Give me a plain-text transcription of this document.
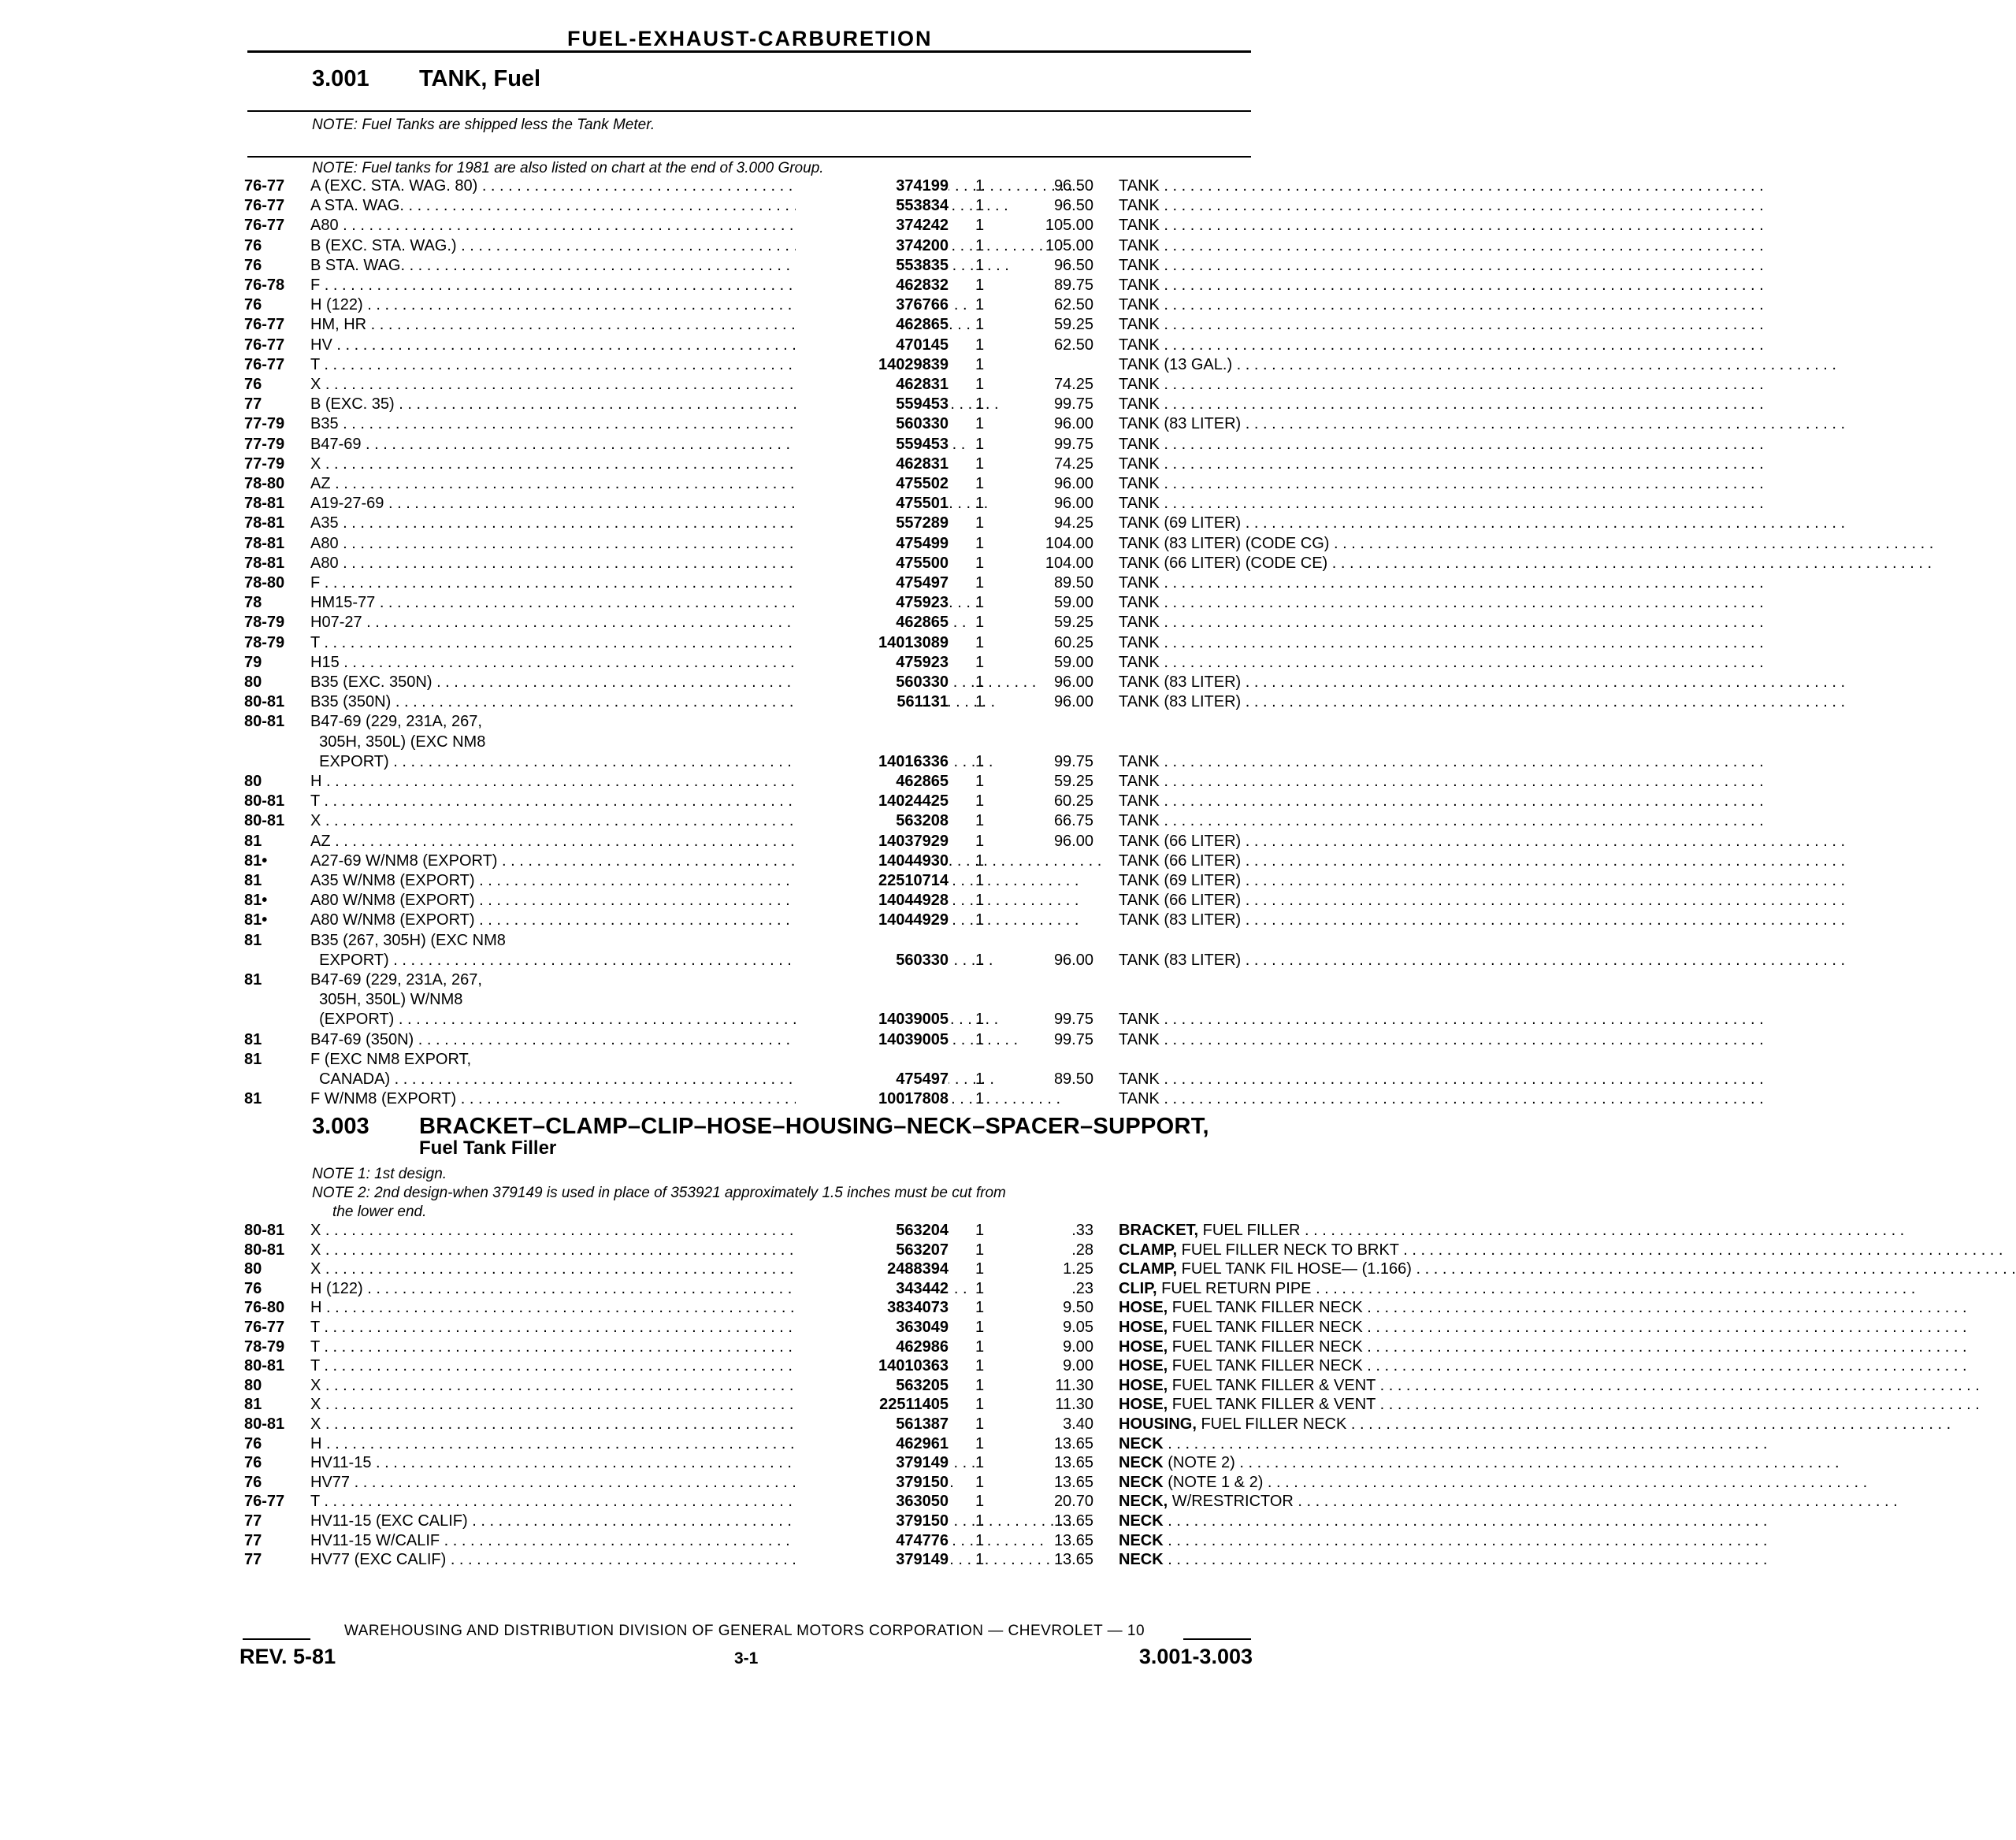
FUEL-EXHAUST-CARBURETION
3.001 TANK, Fuel
NOTE: Fuel Tanks are shipped less the Tank Meter.
NOTE: Fuel tanks for 1981 are also listed on chart at the end of 3.000 Group.
76-77 A (EXC. STA. WAG. 80) . . .	374199 1	96.50 TANK . . .
76-77 A STA. WAG. . . .	553834 1	96.50 TANK . . .
76-77 A80 . . .	374242 1	105.00 TANK . . .
76	B (EXC. STA. WAG.) . . .	374200 1	105.00 TANK . . .
76	B STA. WAG. . . .	553835 1	96.50 TANK . . .
76-78 F . . .	462832 1	89.75 TANK . . .
76	H (122) . . .	376766 1	62.50 TANK . . .
76-77 HM, HR . . .	462865 1	59.25 TANK . . .
76-77 HV . . .	470145 1	62.50 TANK . . .
76-77 T . . .	14029839 1	TANK (13 GAL.) . . .
76	X . . .	462831 1	74.25 TANK . . .
77	B (EXC. 35) . . .	559453 1	99.75 TANK . . .
77-79 B35 . . .	560330 1	96.00 TANK (83 LITER) . . .
77-79 B47-69 . . .	559453 1	99.75 TANK . . .
77-79 X . . .	462831 1	74.25 TANK . . .
78-80 AZ . . .	475502 1	96.00 TANK . . .
78-81 A19-27-69 . . .	475501 1	96.00 TANK . . .
78-81 A35 . . .	557289 1	94.25 TANK (69 LITER) . . .
78-81 A80 . . .	475499 1	104.00 TANK (83 LITER) (CODE CG) . . .
78-81 A80 . . .	475500 1	104.00 TANK (66 LITER) (CODE CE) . . .
78-80 F . . .	475497 1	89.50 TANK . . .
78	HM15-77 . . .	475923 1	59.00 TANK . . .
78-79 H07-27 . . .	462865 1	59.25 TANK . . .
78-79 T . . .	14013089 1	60.25 TANK . . .
79	H15 . . .	475923 1	59.00 TANK . . .
80	B35 (EXC. 350N) . . .	560330 1	96.00 TANK (83 LITER) . . .
80-81 B35 (350N) . . .	561131 1	96.00 TANK (83 LITER) . . .
80-81 B47-69 (229, 231A, 267,
305H, 350L) (EXC NM8
EXPORT) . . .	14016336 1	99.75 TANK . . .
80	H . . .	462865 1	59.25 TANK . . .
80-81 T . . .	14024425 1	60.25 TANK . . .
80-81 X . . .	563208 1	66.75 TANK . . .
81	AZ . . .	14037929 1	96.00 TANK (66 LITER) . . .
81•	A27-69 W/NM8 (EXPORT) . . .	14044930 1	TANK (66 LITER) . . .
81	A35 W/NM8 (EXPORT) . . .	22510714 1	TANK (69 LITER) . . .
81•	A80 W/NM8 (EXPORT) . . .	14044928 1	TANK (66 LITER) . . .
81•	A80 W/NM8 (EXPORT) . . .	14044929 1	TANK (83 LITER) . . .
81	B35 (267, 305H) (EXC NM8
EXPORT) . . .	560330 1	96.00 TANK (83 LITER) . . .
81	B47-69 (229, 231A, 267,
305H, 350L) W/NM8
(EXPORT) . . .	14039005 1	99.75 TANK . . .
81	B47-69 (350N) . . .	14039005 1	99.75 TANK . . .
81	F (EXC NM8 EXPORT,
CANADA) . . .	475497 1	89.50 TANK . . .
81	F W/NM8 (EXPORT) . . .	10017808 1	TANK . . .
3.003 BRACKET–CLAMP–CLIP–HOSE–HOUSING–NECK–SPACER–SUPPORT,
Fuel Tank Filler
NOTE 1: 1st design.
NOTE 2: 2nd design-when 379149 is used in place of 353921 approximately 1.5 inches must be cut from
the lower end.
80-81 X . . .	563204 1	.33 BRACKET, FUEL FILLER . . .
80-81 X . . .	563207 1	.28 CLAMP, FUEL FILLER NECK TO BRKT . . .
80	X . . .	2488394 1	1.25 CLAMP, FUEL TANK FIL HOSE— (1.166) . . .
76	H (122) . . .	343442 1	.23 CLIP, FUEL RETURN PIPE . . .
76-80 H . . .	3834073 1	9.50 HOSE, FUEL TANK FILLER NECK . . .
76-77 T . . .	363049 1	9.05 HOSE, FUEL TANK FILLER NECK . . .
78-79 T . . .	462986 1	9.00 HOSE, FUEL TANK FILLER NECK . . .
80-81 T . . .	14010363 1	9.00 HOSE, FUEL TANK FILLER NECK . . .
80	X . . .	563205 1	11.30 HOSE, FUEL TANK FILLER & VENT . . .
81	X . . .	22511405 1	11.30 HOSE, FUEL TANK FILLER & VENT . . .
80-81 X . . .	561387 1	3.40 HOUSING, FUEL FILLER NECK . . .
76	H . . .	462961 1	13.65 NECK . . .
76	HV11-15 . . .	379149 1	13.65 NECK (NOTE 2) . . .
76	HV77 . . .	379150 1	13.65 NECK (NOTE 1 & 2) . . .
76-77 T . . .	363050 1	20.70 NECK, W/RESTRICTOR . . .
77	HV11-15 (EXC CALIF) . . .	379150 1	13.65 NECK . . .
77	HV11-15 W/CALIF . . .	474776 1	13.65 NECK . . .
77	HV77 (EXC CALIF) . . .	379149 1	13.65 NECK . . .
WAREHOUSING AND DISTRIBUTION DIVISION OF GENERAL MOTORS CORPORATION — CHEVROLET — 10
REV. 5-81	3-1	3.001-3.003
